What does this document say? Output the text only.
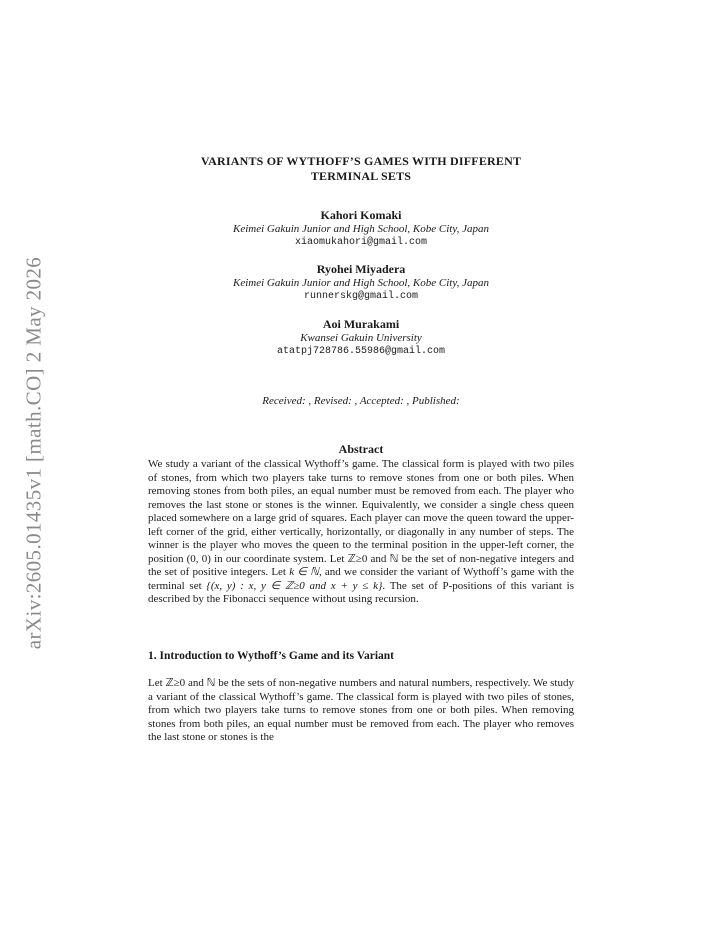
arXiv:2605.01435v1 [math.CO] 2 May 2026
VARIANTS OF WYTHOFF’S GAMES WITH DIFFERENT
TERMINAL SETS
Kahori Komaki
Keimei Gakuin Junior and High School, Kobe City, Japan
xiaomukahori@gmail.com
Ryohei Miyadera
Keimei Gakuin Junior and High School, Kobe City, Japan
runnerskg@gmail.com
Aoi Murakami
Kwansei Gakuin University
atatpj728786.55986@gmail.com
Received: , Revised: , Accepted: , Published:
Abstract
We study a variant of the classical Wythoff’s game. The classical form is played with two piles of stones, from which two players take turns to remove stones from one or both piles. When removing stones from both piles, an equal number must be removed from each. The player who removes the last stone or stones is the winner. Equivalently, we consider a single chess queen placed somewhere on a large grid of squares. Each player can move the queen toward the upper-left corner of the grid, either vertically, horizontally, or diagonally in any number of steps. The winner is the player who moves the queen to the terminal position in the upper-left corner, the position (0, 0) in our coordinate system. Let ℤ≥0 and ℕ be the set of non-negative integers and the set of positive integers. Let k ∈ ℕ, and we consider the variant of Wythoff’s game with the terminal set {(x, y) : x, y ∈ ℤ≥0 and x + y ≤ k}. The set of P-positions of this variant is described by the Fibonacci sequence without using recursion.
1. Introduction to Wythoff’s Game and its Variant
Let ℤ≥0 and ℕ be the sets of non-negative numbers and natural numbers, respectively. We study a variant of the classical Wythoff’s game. The classical form is played with two piles of stones, from which two players take turns to remove stones from one or both piles. When removing stones from both piles, an equal number must be removed from each. The player who removes the last stone or stones is the
